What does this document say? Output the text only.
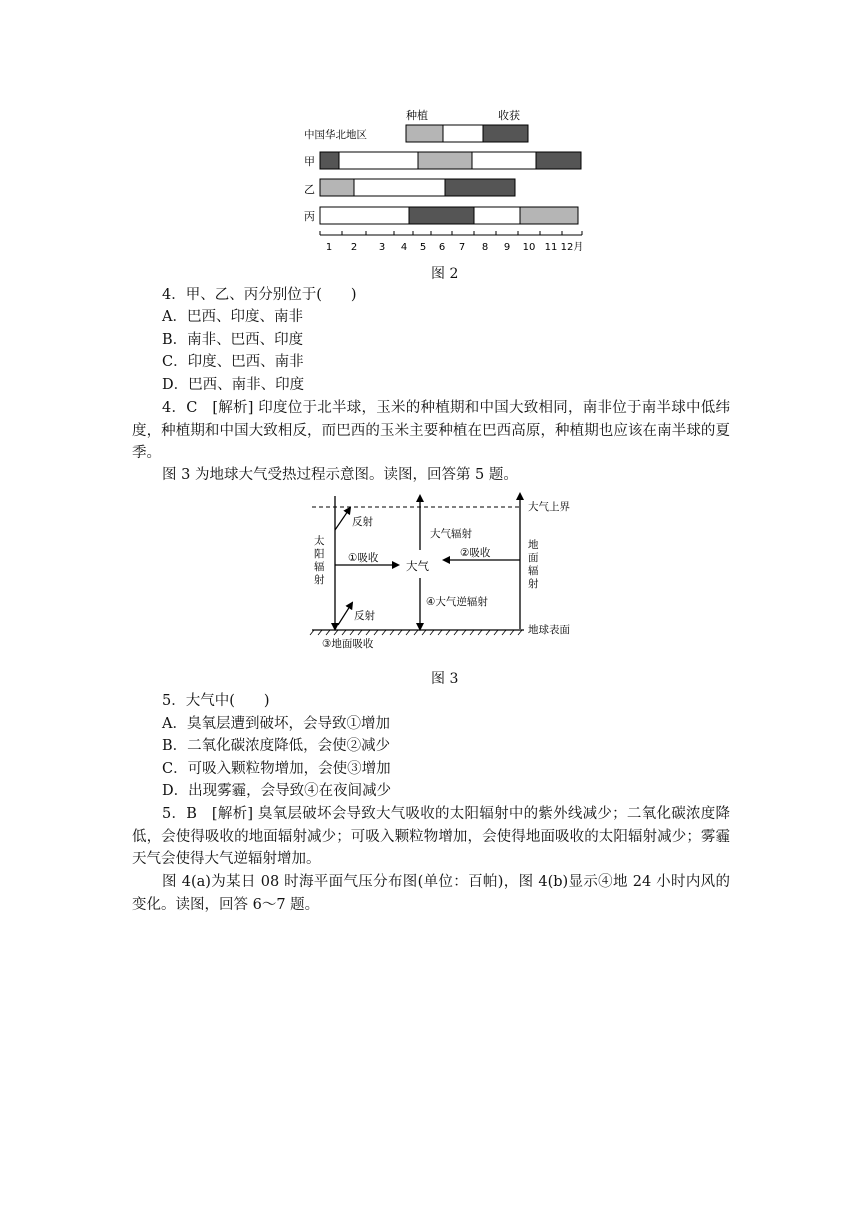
种植	收获
中国华北地区
甲
乙
丙
1 2 3 4 5 6 7 8 9 10 11 12月
图 2
4．甲、乙、丙分别位于(　　)
A．巴西、印度、南非
B．南非、巴西、印度
C．印度、巴西、南非
D．巴西、南非、印度
4．C　[解析] 印度位于北半球，玉米的种植期和中国大致相同，南非位于南半球中低纬度，种植期和中国大致相反，而巴西的玉米主要种植在巴西高原，种植期也应该在南半球的夏季。
图 3 为地球大气受热过程示意图。读图，回答第 5 题。
大气上界
太
阳
辐
射
反射
大气辐射
①吸收
大气
②吸收
地
面
辐
射
④大气逆辐射
反射
地球表面
③地面吸收
图 3
5．大气中(　　)
A．臭氧层遭到破坏，会导致①增加
B．二氧化碳浓度降低，会使②减少
C．可吸入颗粒物增加，会使③增加
D．出现雾霾，会导致④在夜间减少
5．B　[解析] 臭氧层破坏会导致大气吸收的太阳辐射中的紫外线减少；二氧化碳浓度降低，会使得吸收的地面辐射减少；可吸入颗粒物增加，会使得地面吸收的太阳辐射减少；雾霾天气会使得大气逆辐射增加。
图 4(a)为某日 08 时海平面气压分布图(单位：百帕)，图 4(b)显示④地 24 小时内风的变化。读图，回答 6～7 题。
